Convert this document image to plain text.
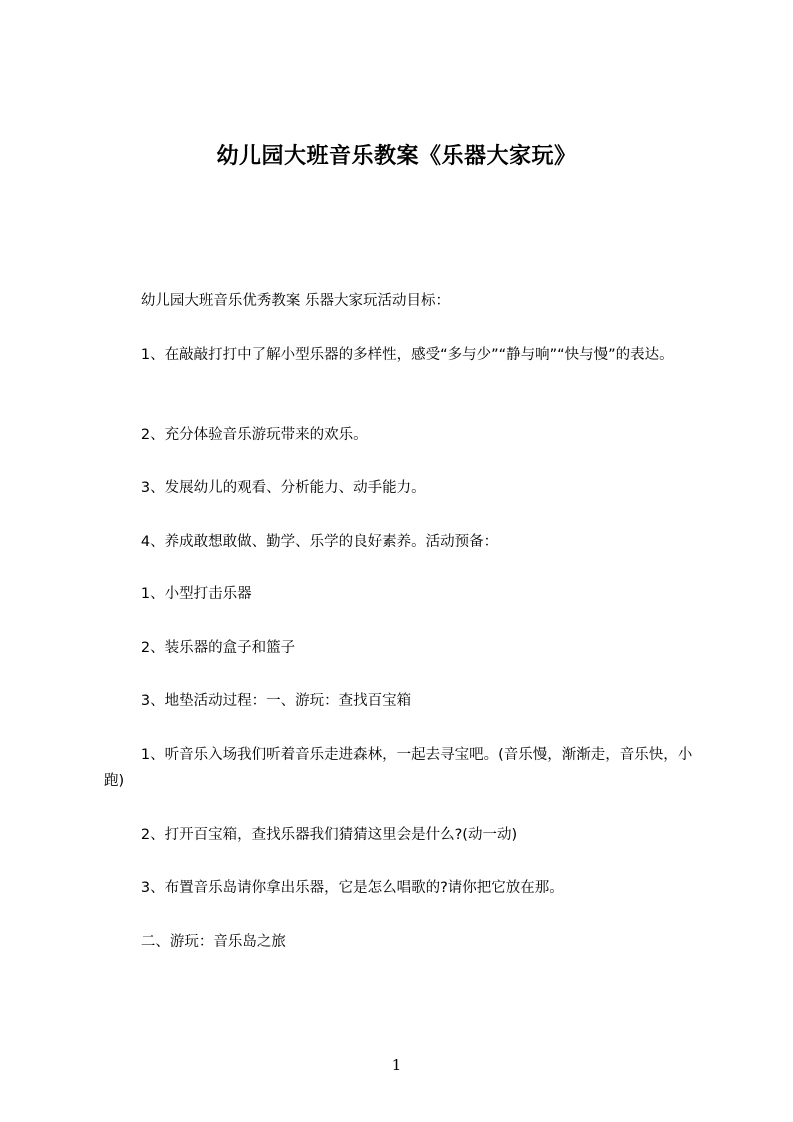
幼儿园大班音乐教案《乐器大家玩》
幼儿园大班音乐优秀教案 乐器大家玩活动目标：
1、在敲敲打打中了解小型乐器的多样性，感受“多与少”“静与响”“快与慢”的表达。
2、充分体验音乐游玩带来的欢乐。
3、发展幼儿的观看、分析能力、动手能力。
4、养成敢想敢做、勤学、乐学的良好素养。活动预备：
1、小型打击乐器
2、装乐器的盒子和篮子
3、地垫活动过程：一、游玩：查找百宝箱
1、听音乐入场我们听着音乐走进森林，一起去寻宝吧。(音乐慢，渐渐走，音乐快，小跑)
2、打开百宝箱，查找乐器我们猜猜这里会是什么?(动一动)
3、布置音乐岛请你拿出乐器，它是怎么唱歌的?请你把它放在那。
二、游玩：音乐岛之旅
1
